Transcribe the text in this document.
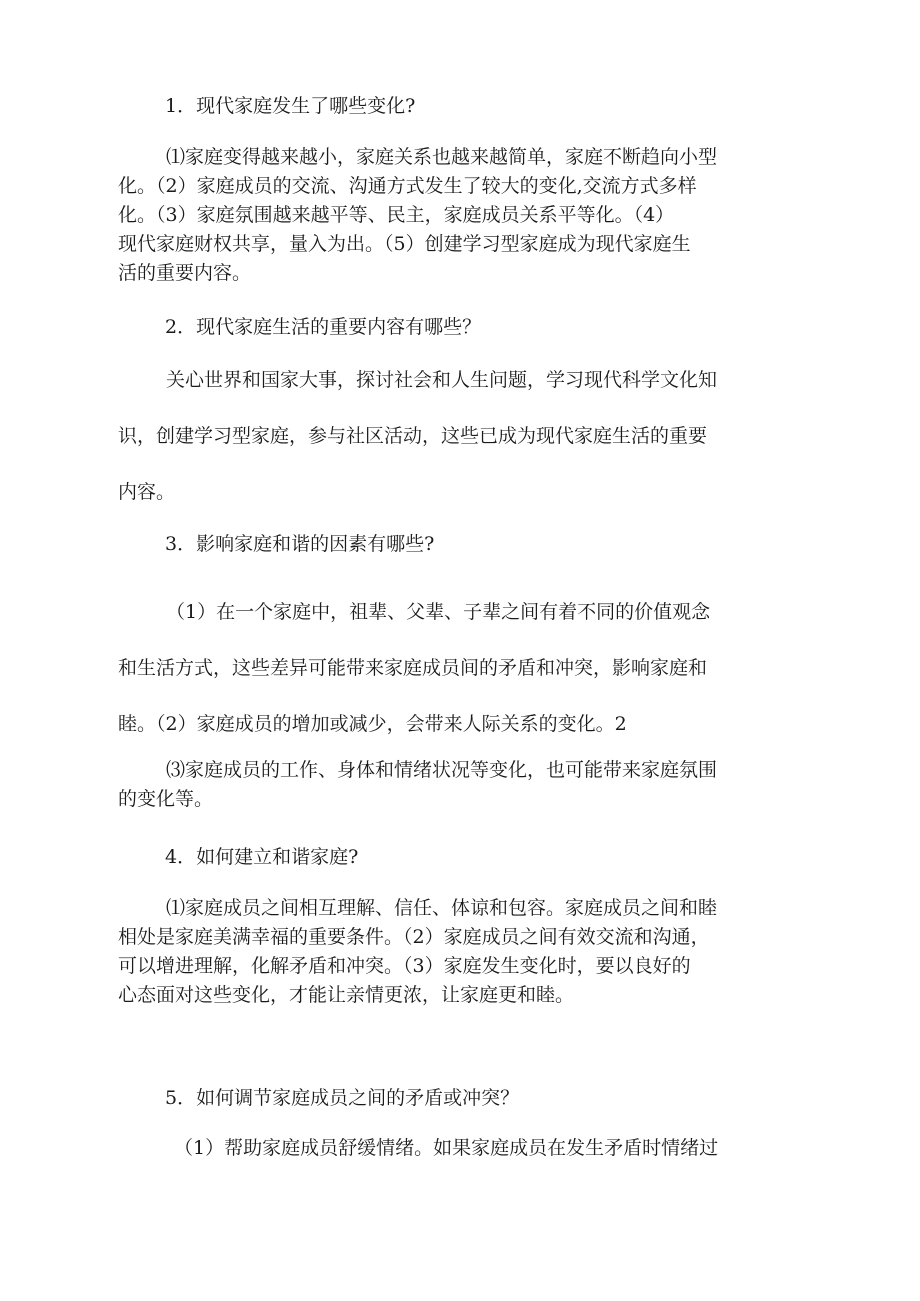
1．现代家庭发生了哪些变化?

⑴家庭变得越来越小，家庭关系也越来越简单，家庭不断趋向小型
化。（2）家庭成员的交流、沟通方式发生了较大的变化,交流方式多样
化。（3）家庭氛围越来越平等、民主，家庭成员关系平等化。（4）
现代家庭财权共享，量入为出。（5）创建学习型家庭成为现代家庭生
活的重要内容。

2．现代家庭生活的重要内容有哪些？

关心世界和国家大事，探讨社会和人生问题，学习现代科学文化知
识，创建学习型家庭，参与社区活动，这些已成为现代家庭生活的重要
内容。

3．影响家庭和谐的因素有哪些?

（1）在一个家庭中，祖辈、父辈、子辈之间有着不同的价值观念
和生活方式，这些差异可能带来家庭成员间的矛盾和冲突，影响家庭和
睦。（2）家庭成员的增加或减少，会带来人际关系的变化。2
⑶家庭成员的工作、身体和情绪状况等变化，也可能带来家庭氛围
的变化等。

4．如何建立和谐家庭?

⑴家庭成员之间相互理解、信任、体谅和包容。家庭成员之间和睦
相处是家庭美满幸福的重要条件。（2）家庭成员之间有效交流和沟通，
可以增进理解，化解矛盾和冲突。（3）家庭发生变化时，要以良好的
心态面对这些变化，才能让亲情更浓，让家庭更和睦。

5．如何调节家庭成员之间的矛盾或冲突？

（1）帮助家庭成员舒缓情绪。如果家庭成员在发生矛盾时情绪过
